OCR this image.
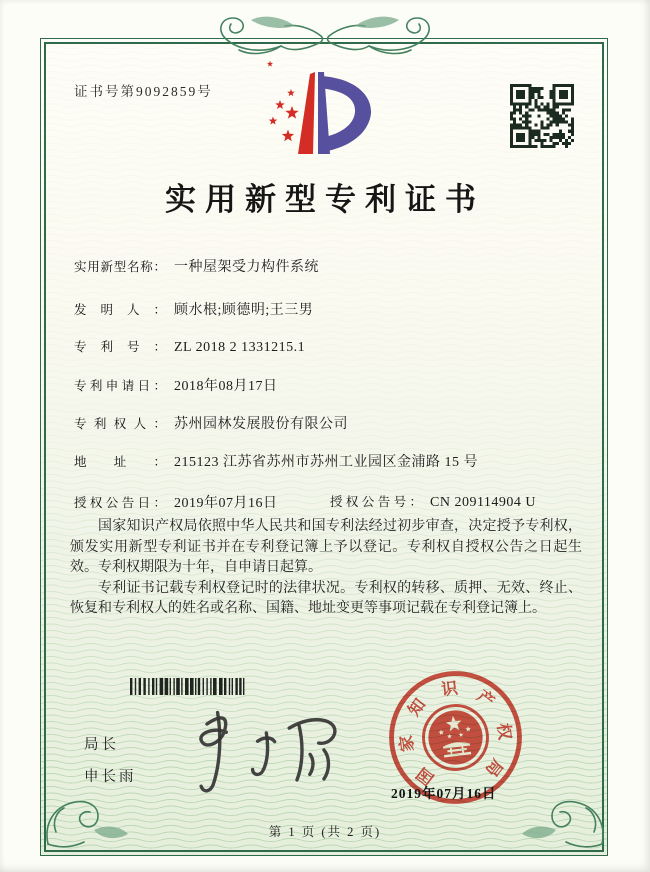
证书号第9092859号
实用新型专利证书
实用新型名称： 一种屋架受力构件系统
发明人： 顾水根;顾德明;王三男
专利号： ZL 2018 2 1331215.1
专利申请日： 2018年08月17日
专利权人： 苏州园林发展股份有限公司
地址： 215123 江苏省苏州市苏州工业园区金浦路 15 号
授权公告日： 2019年07月16日	授权公告号： CN 209114904 U

国家知识产权局依照中华人民共和国专利法经过初步审查，决定授予专利权，颁发实用新型专利证书并在专利登记簿上予以登记。专利权自授权公告之日起生效。专利权期限为十年，自申请日起算。

专利证书记载专利权登记时的法律状况。专利权的转移、质押、无效、终止、恢复和专利权人的姓名或名称、国籍、地址变更等事项记载在专利登记簿上。

国
家
知
识 产
权
局
2019年07月16日
局长
申长雨
第 1 页 (共 2 页)
